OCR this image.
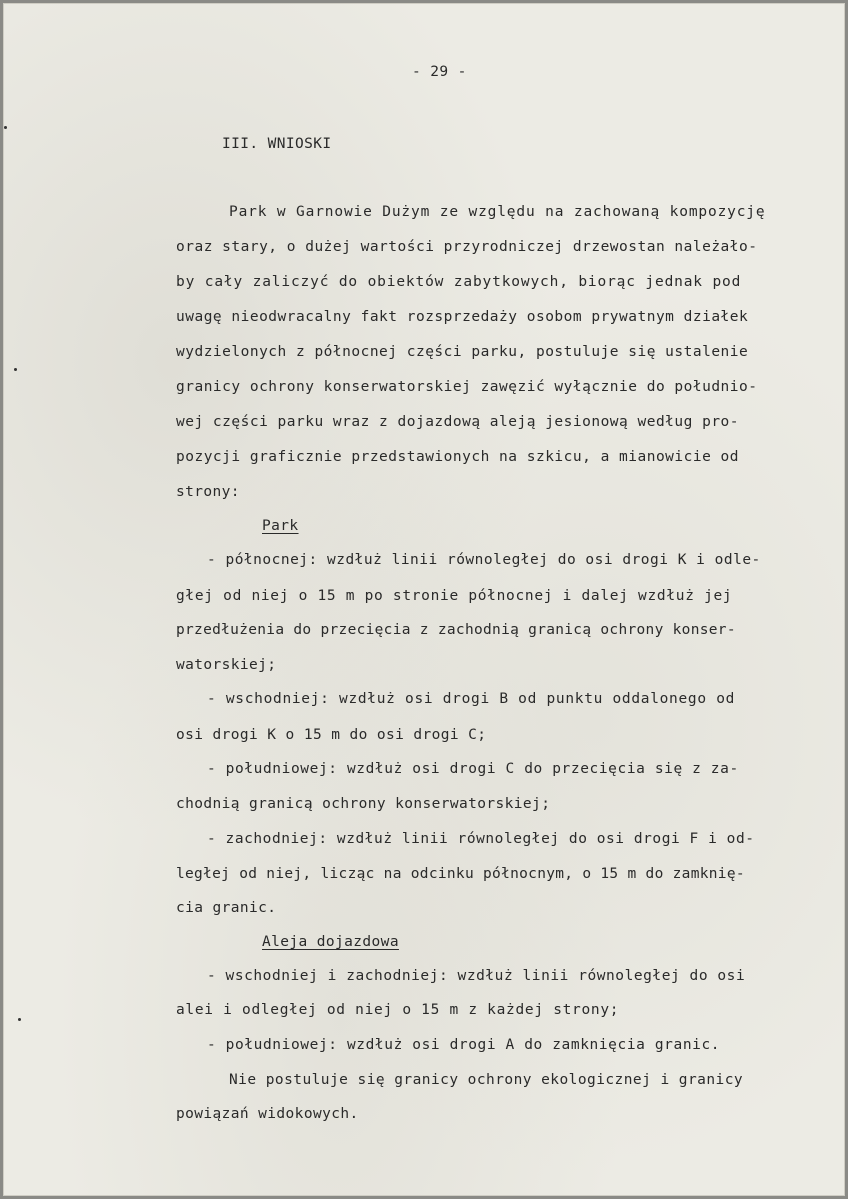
- 29 -
III. WNIOSKI
Park w Garnowie Dużym ze względu na zachowaną kompozycję
oraz stary, o dużej wartości przyrodniczej drzewostan należało-
by cały zaliczyć do obiektów zabytkowych, biorąc jednak pod
uwagę nieodwracalny fakt rozsprzedaży osobom prywatnym działek
wydzielonych z północnej części parku, postuluje się ustalenie
granicy ochrony konserwatorskiej zawęzić wyłącznie do południo-
wej części parku wraz z dojazdową aleją jesionową według pro-
pozycji graficznie przedstawionych na szkicu, a mianowicie od
strony:
Park
- północnej: wzdłuż linii równoległej do osi drogi K i odle-
głej od niej o 15 m po stronie północnej i dalej wzdłuż jej
przedłużenia do przecięcia z zachodnią granicą ochrony konser-
watorskiej;
- wschodniej: wzdłuż osi drogi B od punktu oddalonego od
osi drogi K o 15 m do osi drogi C;
- południowej: wzdłuż osi drogi C do przecięcia się z za-
chodnią granicą ochrony konserwatorskiej;
- zachodniej: wzdłuż linii równoległej do osi drogi F i od-
ległej od niej, licząc na odcinku północnym, o 15 m do zamknię-
cia granic.
Aleja dojazdowa
- wschodniej i zachodniej: wzdłuż linii równoległej do osi
alei i odległej od niej o 15 m z każdej strony;
- południowej: wzdłuż osi drogi A do zamknięcia granic.
Nie postuluje się granicy ochrony ekologicznej i granicy
powiązań widokowych.
